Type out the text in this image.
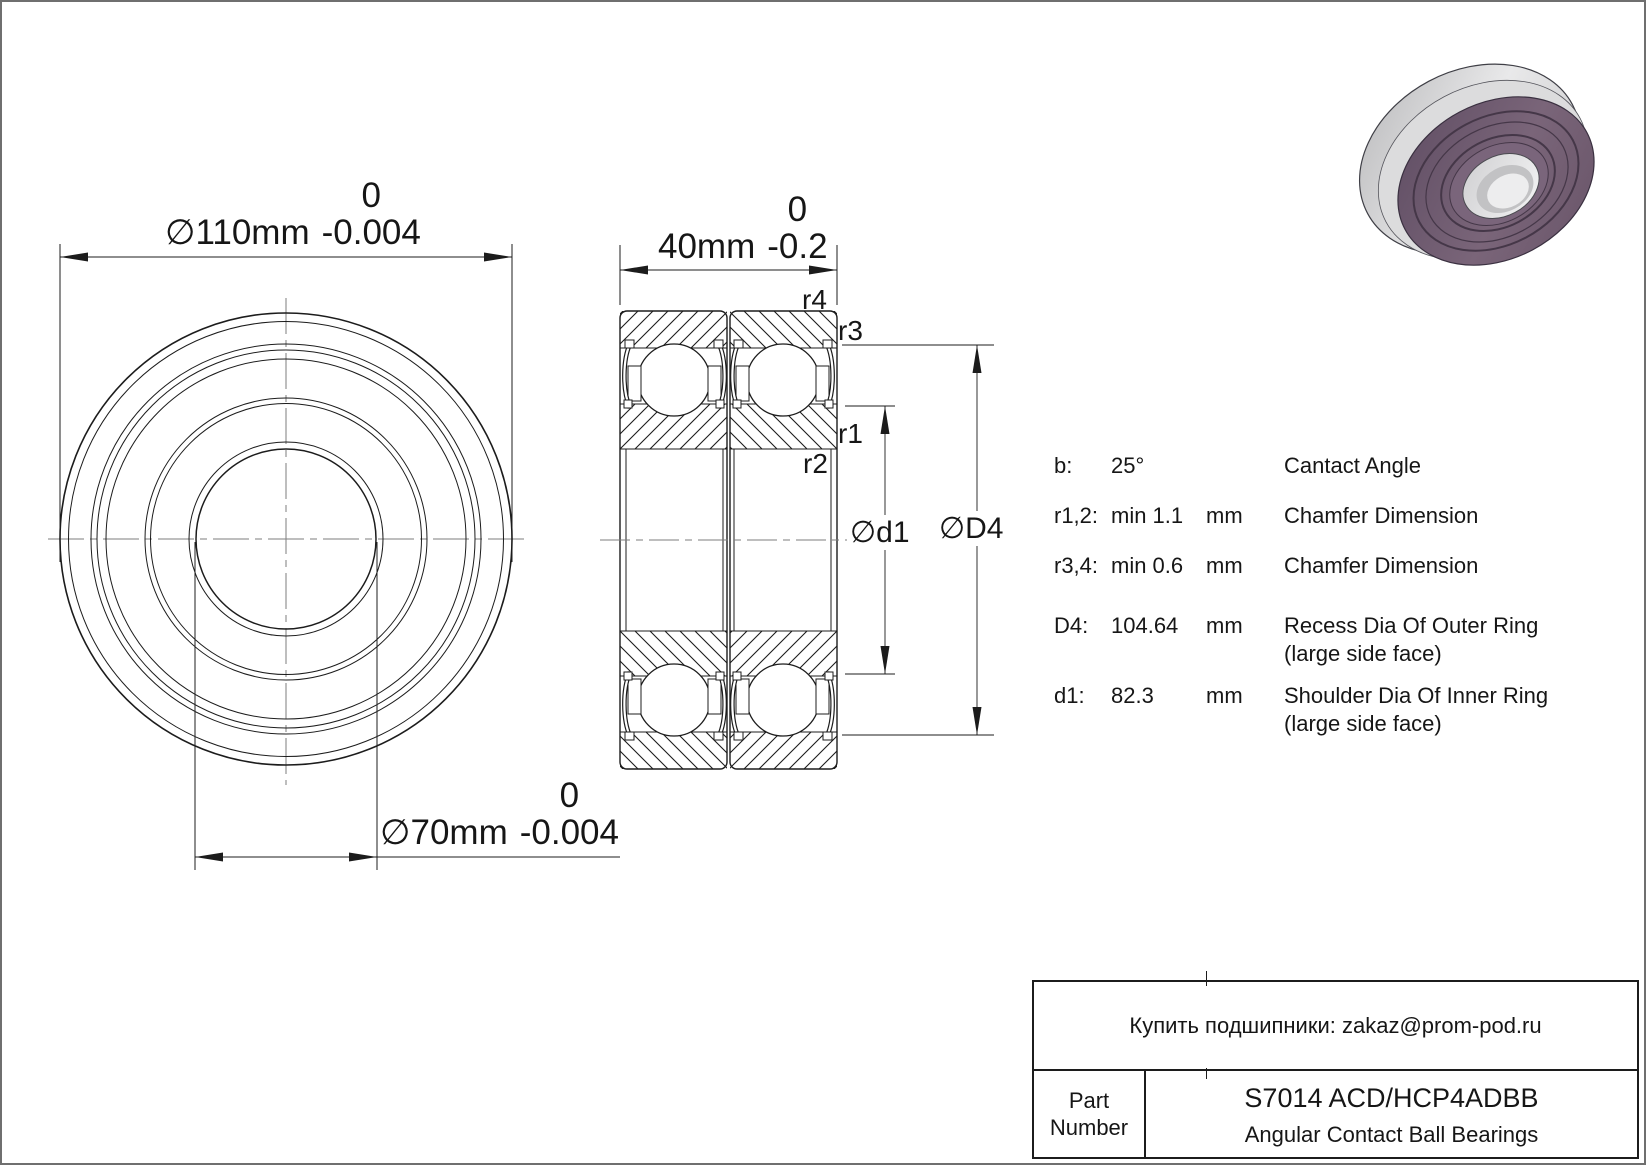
∅110mm
0
-0.004
∅70mm
0
-0.004
40mm
0
-0.2
r4
r3
r1
r2
∅d1 ∅D4
b: 25°	Cantact Angle
r1,2: min 1.1 mm Chamfer Dimension
r3,4: min 0.6 mm Chamfer Dimension
D4: 104.64 mm Recess Dia Of Outer Ring
(large side face)
d1: 82.3 mm Shoulder Dia Of Inner Ring
(large side face)
Купить подшипники: zakaz@prom-pod.ru
Part
Number
S7014 ACD/HCP4ADBB
Angular Contact Ball Bearings
